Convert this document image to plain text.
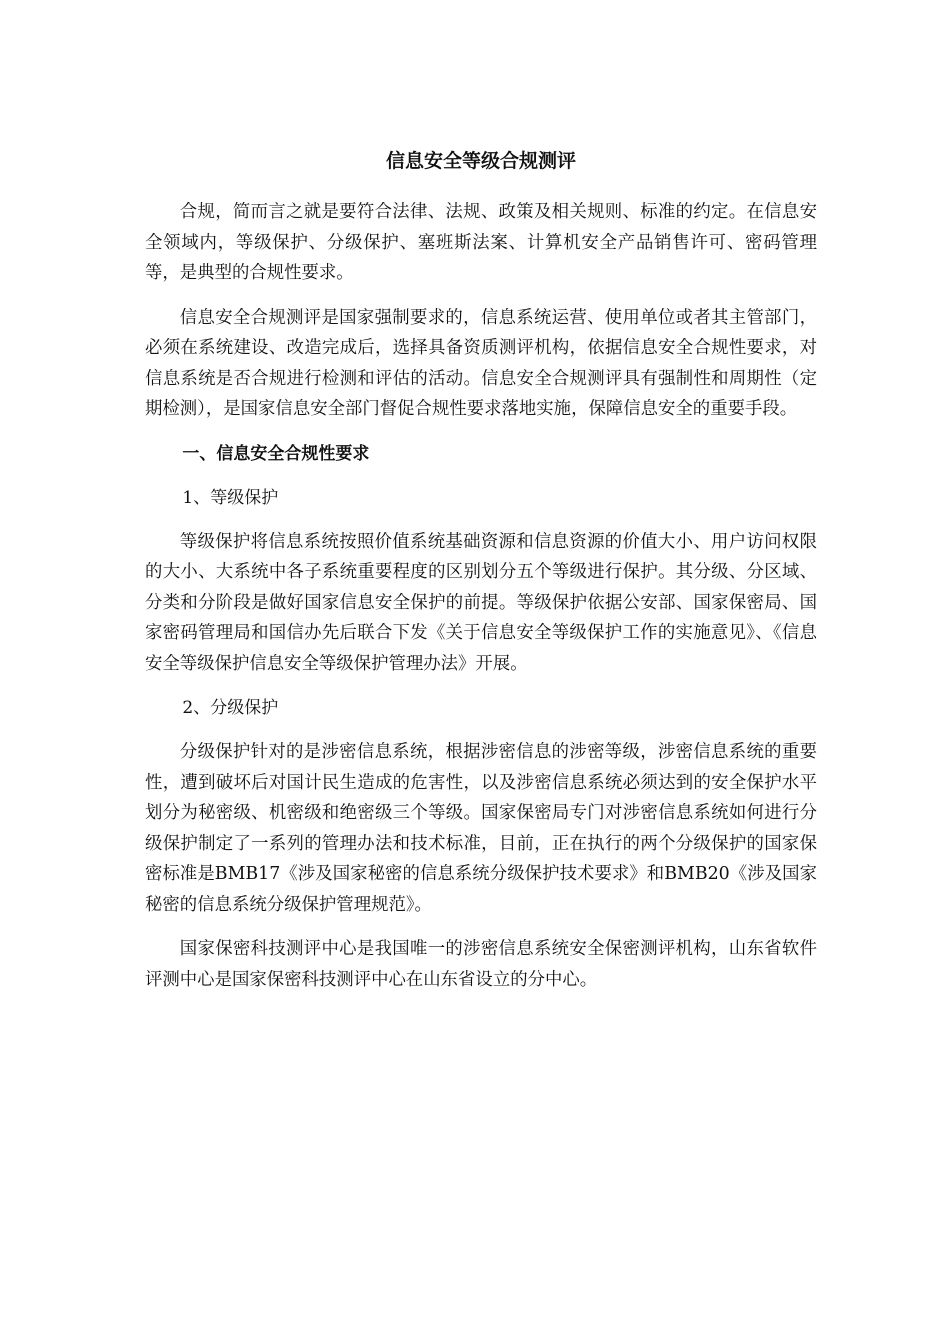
信息安全等级合规测评

合规，简而言之就是要符合法律、法规、政策及相关规则、标准的约定。在信息安全领域内，等级保护、分级保护、塞班斯法案、计算机安全产品销售许可、密码管理等，是典型的合规性要求。

信息安全合规测评是国家强制要求的，信息系统运营、使用单位或者其主管部门，必须在系统建设、改造完成后，选择具备资质测评机构，依据信息安全合规性要求，对信息系统是否合规进行检测和评估的活动。信息安全合规测评具有强制性和周期性（定期检测），是国家信息安全部门督促合规性要求落地实施，保障信息安全的重要手段。

一、信息安全合规性要求

1、等级保护

等级保护将信息系统按照价值系统基础资源和信息资源的价值大小、用户访问权限的大小、大系统中各子系统重要程度的区别划分五个等级进行保护。其分级、分区域、分类和分阶段是做好国家信息安全保护的前提。等级保护依据公安部、国家保密局、国家密码管理局和国信办先后联合下发《关于信息安全等级保护工作的实施意见》、《信息安全等级保护信息安全等级保护管理办法》开展。

2、分级保护

分级保护针对的是涉密信息系统，根据涉密信息的涉密等级，涉密信息系统的重要性，遭到破坏后对国计民生造成的危害性，以及涉密信息系统必须达到的安全保护水平划分为秘密级、机密级和绝密级三个等级。国家保密局专门对涉密信息系统如何进行分级保护制定了一系列的管理办法和技术标准，目前，正在执行的两个分级保护的国家保密标准是BMB17《涉及国家秘密的信息系统分级保护技术要求》和BMB20《涉及国家秘密的信息系统分级保护管理规范》。

国家保密科技测评中心是我国唯一的涉密信息系统安全保密测评机构，山东省软件评测中心是国家保密科技测评中心在山东省设立的分中心。
